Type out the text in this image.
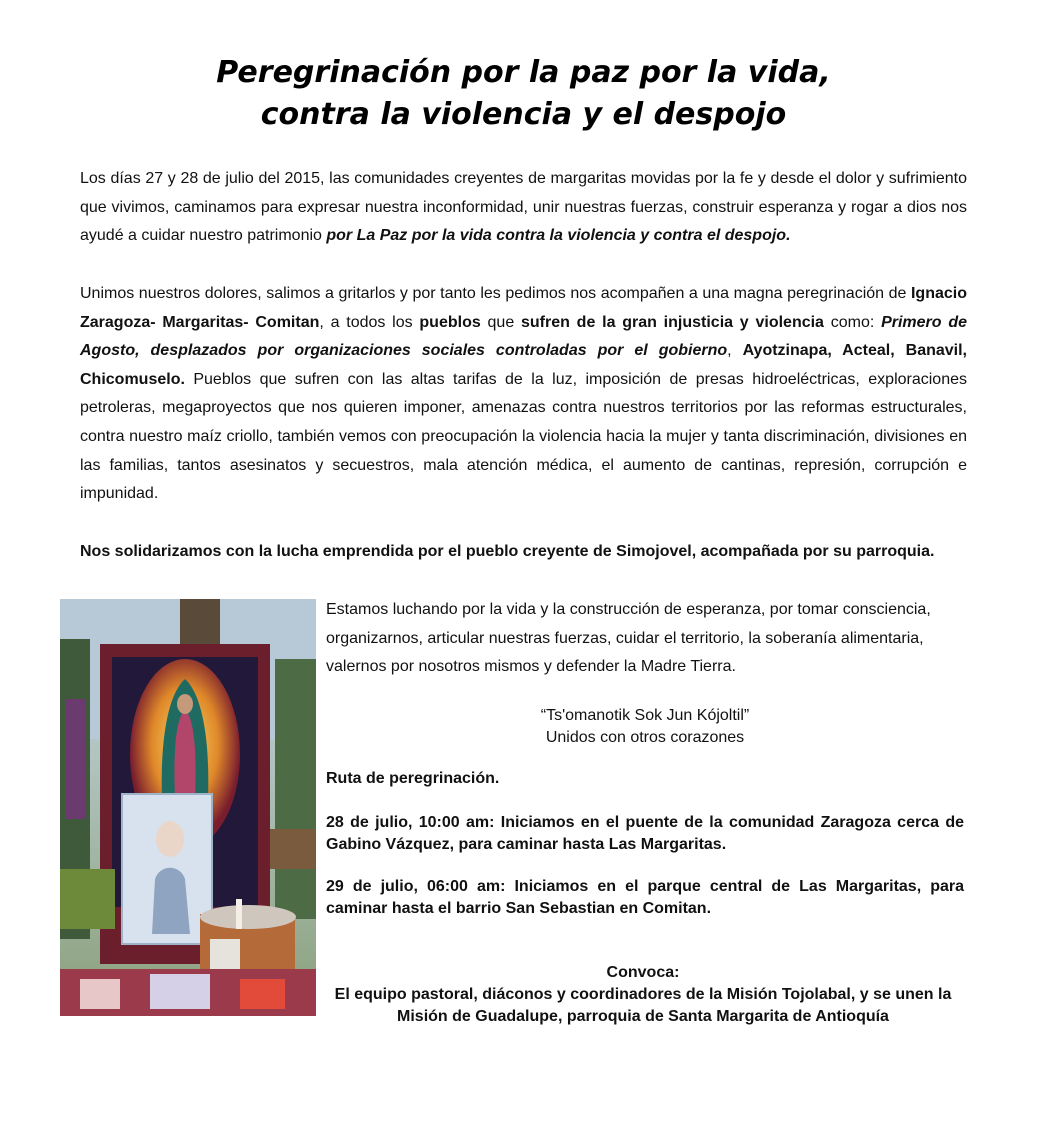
Peregrinación por la paz por la vida,
contra la violencia y el despojo

Los días 27 y 28 de julio del 2015, las comunidades creyentes de margaritas movidas por la fe y desde el dolor y sufrimiento que vivimos, caminamos para expresar nuestra inconformidad, unir nuestras fuerzas, construir esperanza y rogar a dios nos ayudé a cuidar nuestro patrimonio por La Paz por la vida contra la violencia y contra el despojo.

Unimos nuestros dolores, salimos a gritarlos y por tanto les pedimos nos acompañen a una magna peregrinación de Ignacio Zaragoza- Margaritas- Comitan, a todos los pueblos que sufren de la gran injusticia y violencia como: Primero de Agosto, desplazados por organizaciones sociales controladas por el gobierno, Ayotzinapa, Acteal, Banavil, Chicomuselo. Pueblos que sufren con las altas tarifas de la luz, imposición de presas hidroeléctricas, exploraciones petroleras, megaproyectos que nos quieren imponer, amenazas contra nuestros territorios por las reformas estructurales, contra nuestro maíz criollo, también vemos con preocupación la violencia hacia la mujer y tanta discriminación, divisiones en las familias, tantos asesinatos y secuestros, mala atención médica, el aumento de cantinas, represión, corrupción e impunidad.

Nos solidarizamos con la lucha emprendida por el pueblo creyente de Simojovel, acompañada por su parroquia.

Estamos luchando por la vida y la construcción de esperanza, por tomar consciencia, organizarnos, articular nuestras fuerzas, cuidar el territorio, la soberanía alimentaria, valernos por nosotros mismos y defender la Madre Tierra.

“Ts'omanotik Sok Jun Kójoltil”
Unidos con otros corazones
Ruta de peregrinación.
28 de julio, 10:00 am: Iniciamos en el puente de la comunidad Zaragoza cerca de Gabino Vázquez, para caminar hasta Las Margaritas.
29 de julio, 06:00 am: Iniciamos en el parque central de Las Margaritas, para caminar hasta el barrio San Sebastian en Comitan.
Convoca:
El equipo pastoral, diáconos y coordinadores de la Misión Tojolabal, y se unen la
Misión de Guadalupe, parroquia de Santa Margarita de Antioquía
